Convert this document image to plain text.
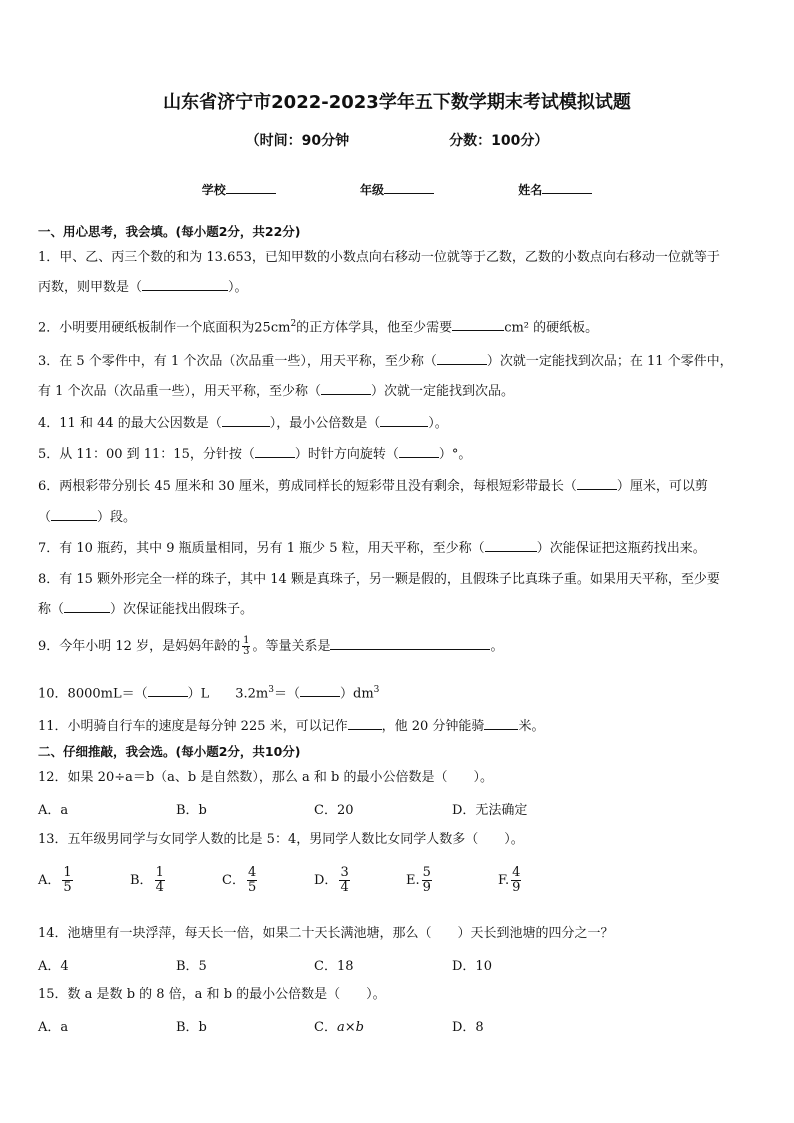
山东省济宁市2022-2023学年五下数学期末考试模拟试题
（时间：90分钟	分数：100分）
学校	年级	姓名
一、用心思考，我会填。(每小题2分，共22分)
1．甲、乙、丙三个数的和为 13.653，已知甲数的小数点向右移动一位就等于乙数，乙数的小数点向右移动一位就等于
丙数，则甲数是（	）。
2．小明要用硬纸板制作一个底面积为$25cm^2$的正方体学具，他至少需要	cm² 的硬纸板。
3．在 5 个零件中，有 1 个次品（次品重一些），用天平称，至少称（	）次就一定能找到次品；在 11 个零件中，
有 1 个次品（次品重一些），用天平称，至少称（	）次就一定能找到次品。
4．11 和 44 的最大公因数是（	），最小公倍数是（	）。
5．从 11：00 到 11：15，分针按（	）时针方向旋转（	）°。
6．两根彩带分别长 45 厘米和 30 厘米，剪成同样长的短彩带且没有剩余，每根短彩带最长（	）厘米，可以剪
（	）段。
7．有 10 瓶药，其中 9 瓶质量相同，另有 1 瓶少 5 粒，用天平称，至少称（	）次能保证把这瓶药找出来。
8．有 15 颗外形完全一样的珠子，其中 14 颗是真珠子，另一颗是假的，且假珠子比真珠子重。如果用天平称，至少要
称（	）次保证能找出假珠子。
9．今年小明 12 岁，是妈妈年龄的 $\frac{1}{3}$ 。等量关系是	。
10．8000mL＝（	）L $3.2m^3=$（	）$dm^3$
11．小明骑自行车的速度是每分钟 225 米，可以记作	，他 20 分钟能骑	米。
二、仔细推敲，我会选。(每小题2分，共10分)
12．如果 20÷a＝b（a、b 是自然数），那么 a 和 b 的最小公倍数是（　　）。
A．a	B．b	C．20	D．无法确定
13．五年级男同学与女同学人数的比是 5：4，男同学人数比女同学人数多（　　）。
A． $\frac{1}{5}$	B． $\frac{1}{4}$	C． $\frac{4}{5}$	D． $\frac{3}{4}$	E. $\frac{5}{9}$	F. $\frac{4}{9}$
14．池塘里有一块浮萍，每天长一倍，如果二十天长满池塘，那么（　　）天长到池塘的四分之一？
A．4	B．5	C．18	D．10
15．数 a 是数 b 的 8 倍，a 和 b 的最小公倍数是（　　）。
A．a	B．b	C．a×b	D．8
